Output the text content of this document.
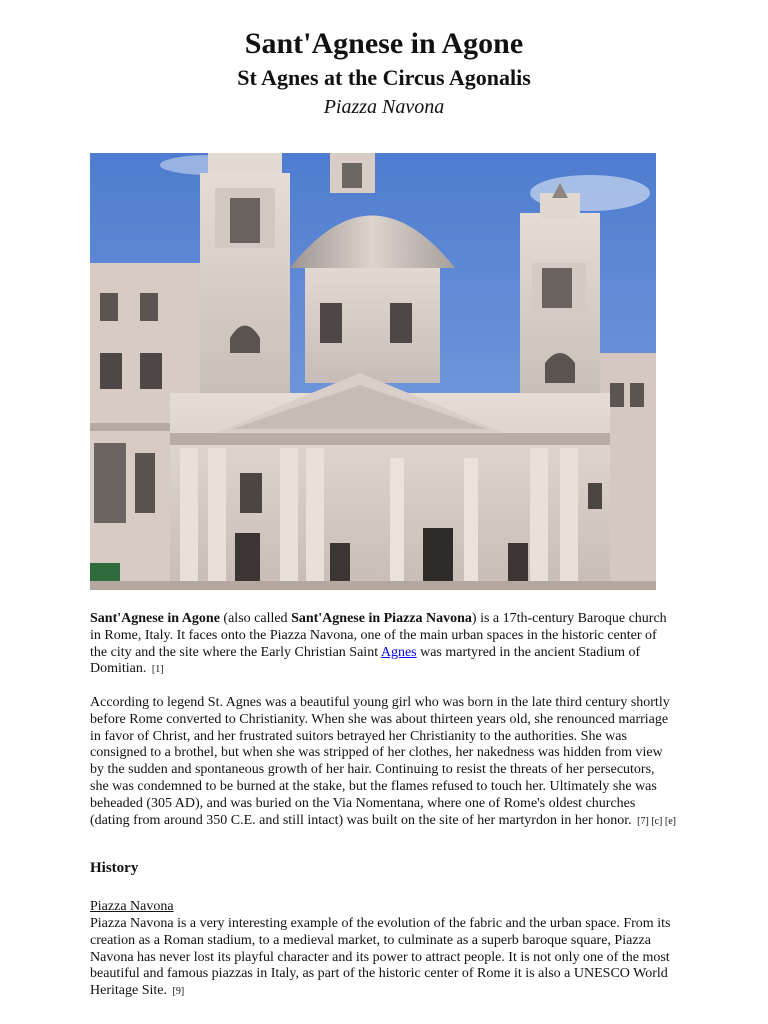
Sant'Agnese in Agone
St Agnes at the Circus Agonalis
Piazza Navona
Sant'Agnese in Agone (also called Sant'Agnese in Piazza Navona) is a 17th-century Baroque church in Rome, Italy. It faces onto the Piazza Navona, one of the main urban spaces in the historic center of the city and the site where the Early Christian Saint Agnes was martyred in the ancient Stadium of Domitian. [1]
According to legend St. Agnes was a beautiful young girl who was born in the late third century shortly before Rome converted to Christianity. When she was about thirteen years old, she renounced marriage in favor of Christ, and her frustrated suitors betrayed her Christianity to the authorities. She was consigned to a brothel, but when she was stripped of her clothes, her nakedness was hidden from view by the sudden and spontaneous growth of her hair. Continuing to resist the threats of her persecutors, she was condemned to be burned at the stake, but the flames refused to touch her. Ultimately she was beheaded (305 AD), and was buried on the Via Nomentana, where one of Rome's oldest churches (dating from around 350 C.E. and still intact) was built on the site of her martyrdon in her honor. [7] [c] [e]
History
Piazza Navona
Piazza Navona is a very interesting example of the evolution of the fabric and the urban space. From its creation as a Roman stadium, to a medieval market, to culminate as a superb baroque square, Piazza Navona has never lost its playful character and its power to attract people. It is not only one of the most beautiful and famous piazzas in Italy, as part of the historic center of Rome it is also a UNESCO World Heritage Site. [9]
